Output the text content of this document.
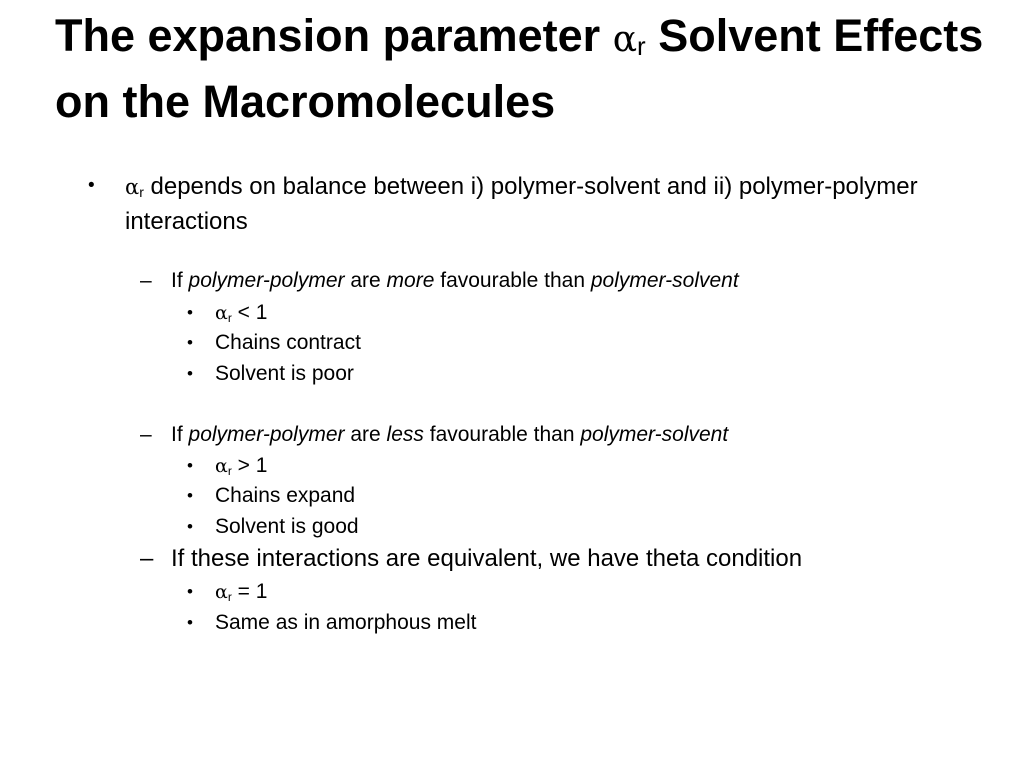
The expansion parameter αr Solvent Effects on the Macromolecules
• $\alpha_r$ depends on balance between i) polymer-solvent and ii) polymer-polymer interactions
– If polymer-polymer are more favourable than polymer-solvent
• $\alpha_r < 1$
• Chains contract
• Solvent is poor
– If polymer-polymer are less favourable than polymer-solvent
• $\alpha_r > 1$
• Chains expand
• Solvent is good
– If these interactions are equivalent, we have theta condition
• $\alpha_r = 1$
• Same as in amorphous melt
